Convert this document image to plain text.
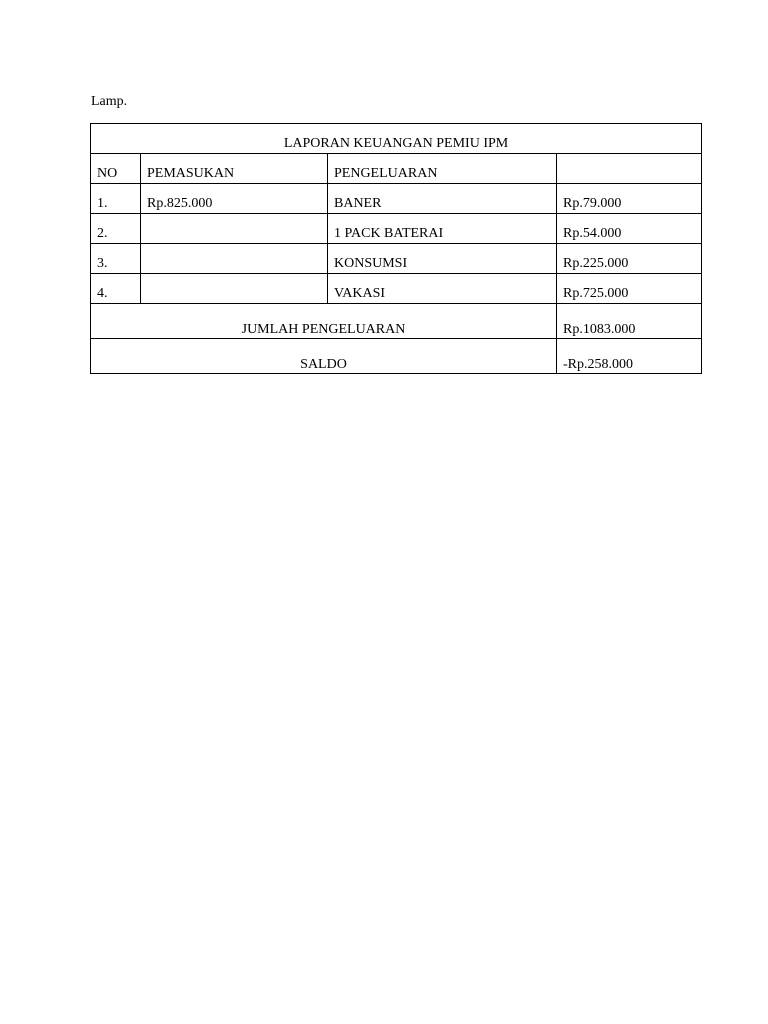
Lamp.
LAPORAN KEUANGAN PEMIU IPM			
NO	PEMASUKAN	PENGELUARAN	
1.	Rp.825.000	BANER	Rp.79.000
2.		1 PACK BATERAI	Rp.54.000
3.		KONSUMSI	Rp.225.000
4.		VAKASI	Rp.725.000
JUMLAH PENGELUARAN			Rp.1083.000
SALDO			-Rp.258.000
